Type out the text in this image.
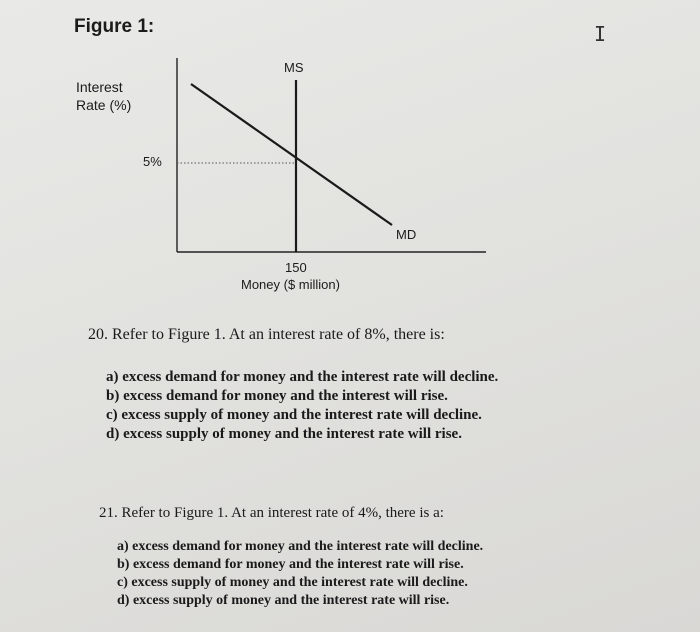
Figure 1:	I
Interest
Rate (%)
MS
MD
5%
150
Money ($ million)
20. Refer to Figure 1. At an interest rate of 8%, there is:
a) excess demand for money and the interest rate will decline.
b) excess demand for money and the interest will rise.
c) excess supply of money and the interest rate will decline.
d) excess supply of money and the interest rate will rise.
21. Refer to Figure 1. At an interest rate of 4%, there is a:
a) excess demand for money and the interest rate will decline.
b) excess demand for money and the interest rate will rise.
c) excess supply of money and the interest rate will decline.
d) excess supply of money and the interest rate will rise.
